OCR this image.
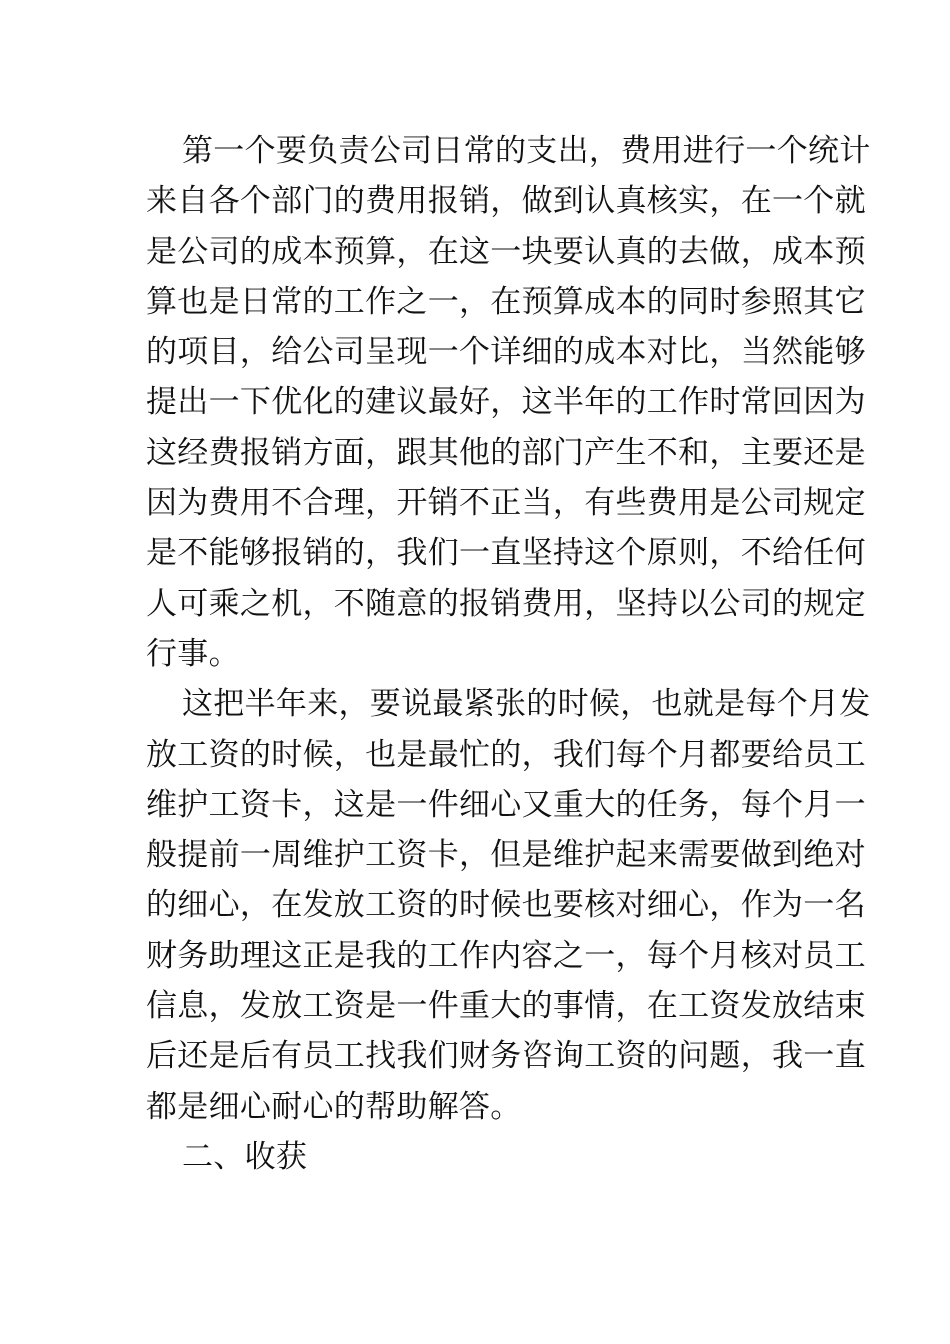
第一个要负责公司日常的支出，费用进行一个统计
来自各个部门的费用报销，做到认真核实，在一个就
是公司的成本预算，在这一块要认真的去做，成本预
算也是日常的工作之一，在预算成本的同时参照其它
的项目，给公司呈现一个详细的成本对比，当然能够
提出一下优化的建议最好，这半年的工作时常回因为
这经费报销方面，跟其他的部门产生不和，主要还是
因为费用不合理，开销不正当，有些费用是公司规定
是不能够报销的，我们一直坚持这个原则，不给任何
人可乘之机，不随意的报销费用，坚持以公司的规定
行事。
这把半年来，要说最紧张的时候，也就是每个月发
放工资的时候，也是最忙的，我们每个月都要给员工
维护工资卡，这是一件细心又重大的任务，每个月一
般提前一周维护工资卡，但是维护起来需要做到绝对
的细心，在发放工资的时候也要核对细心，作为一名
财务助理这正是我的工作内容之一，每个月核对员工
信息，发放工资是一件重大的事情，在工资发放结束
后还是后有员工找我们财务咨询工资的问题，我一直
都是细心耐心的帮助解答。
二、收获
